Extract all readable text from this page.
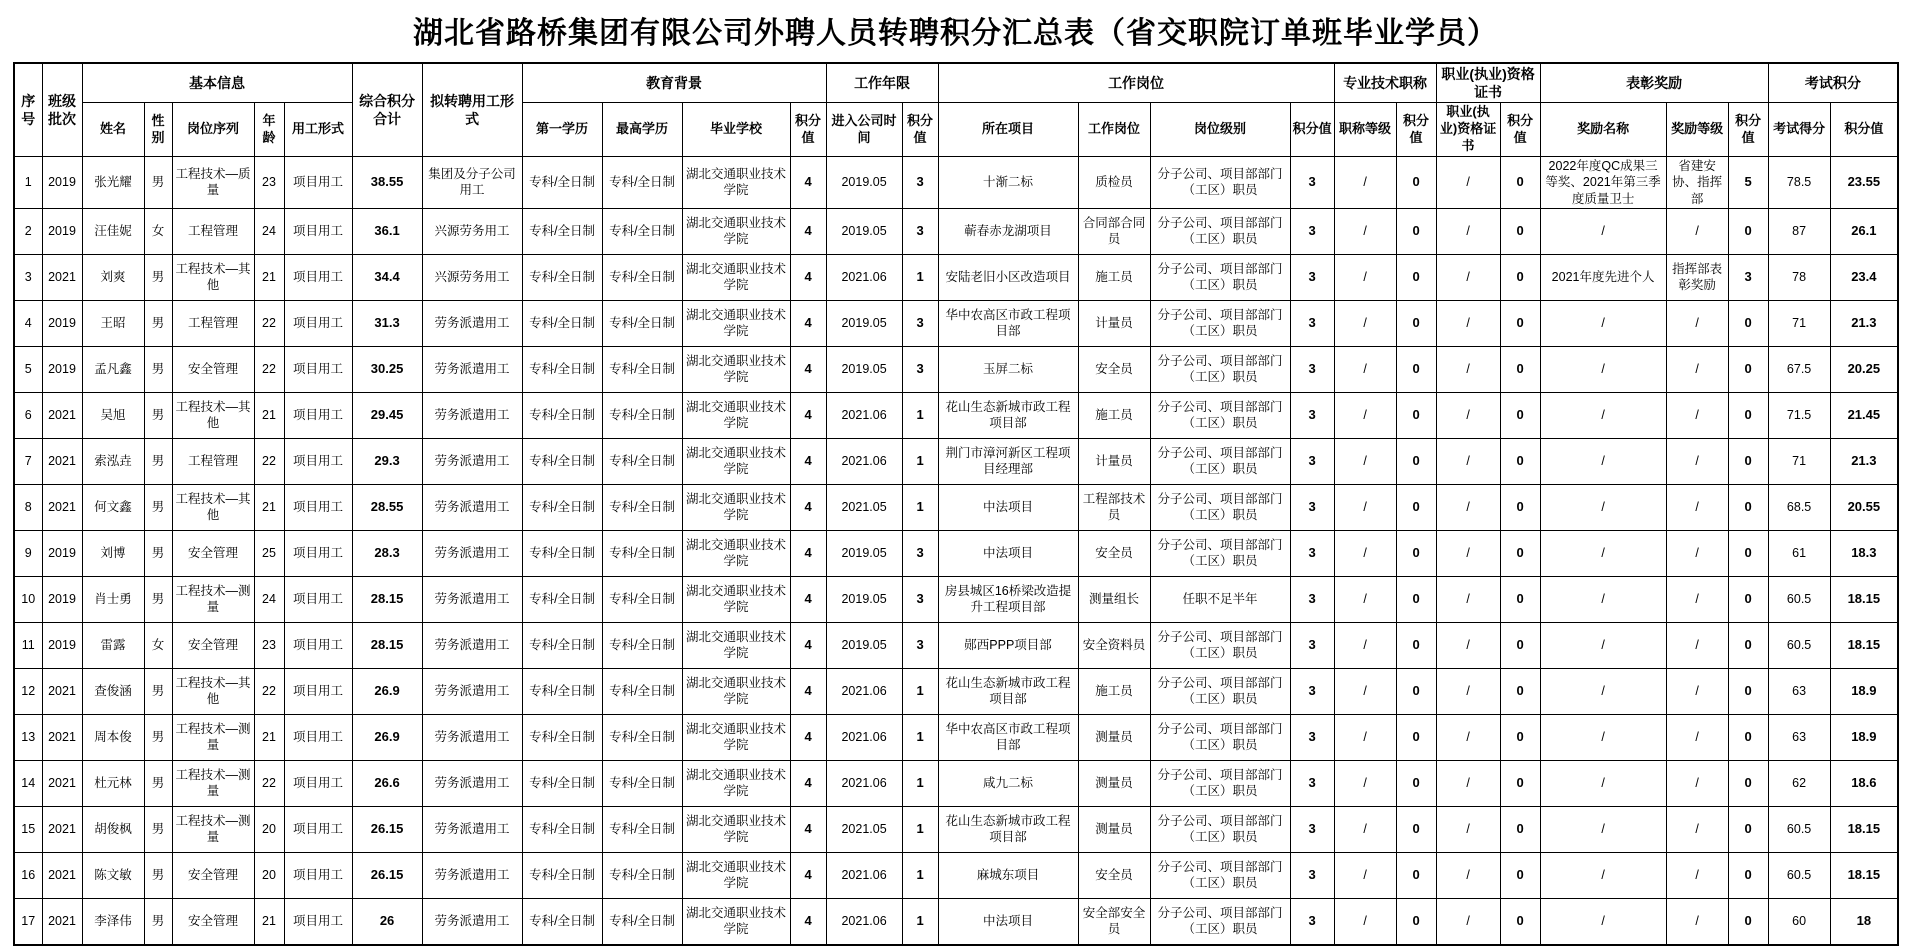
湖北省路桥集团有限公司外聘人员转聘积分汇总表（省交职院订单班毕业学员）
序号	班级批次	基本信息					综合积分合计	拟转聘用工形式	教育背景				工作年限		工作岗位				专业技术职称		职业(执业)资格证书		表彰奖励			考试积分	
		姓名	性别	岗位序列	年龄	用工形式			第一学历	最高学历	毕业学校	积分值	进入公司时间	积分值	所在项目	工作岗位	岗位级别	积分值	职称等级	积分值	职业(执业)资格证书	积分值	奖励名称	奖励等级	积分值	考试得分	积分值
1	2019	张光耀	男	工程技术—质量	23	项目用工	38.55	集团及分子公司用工	专科/全日制	专科/全日制	湖北交通职业技术学院	4	2019.05	3	十渐二标	质检员	分子公司、项目部部门（工区）职员	3	/	0	/	0	2022年度QC成果三等奖、2021年第三季度质量卫士	省建安协、指挥部	5	78.5	23.55
2	2019	汪佳妮	女	工程管理	24	项目用工	36.1	兴源劳务用工	专科/全日制	专科/全日制	湖北交通职业技术学院	4	2019.05	3	蕲春赤龙湖项目	合同部合同员	分子公司、项目部部门（工区）职员	3	/	0	/	0	/	/	0	87	26.1
3	2021	刘爽	男	工程技术—其他	21	项目用工	34.4	兴源劳务用工	专科/全日制	专科/全日制	湖北交通职业技术学院	4	2021.06	1	安陆老旧小区改造项目	施工员	分子公司、项目部部门（工区）职员	3	/	0	/	0	2021年度先进个人	指挥部表彰奖励	3	78	23.4
4	2019	王昭	男	工程管理	22	项目用工	31.3	劳务派遣用工	专科/全日制	专科/全日制	湖北交通职业技术学院	4	2019.05	3	华中农高区市政工程项目部	计量员	分子公司、项目部部门（工区）职员	3	/	0	/	0	/	/	0	71	21.3
5	2019	孟凡鑫	男	安全管理	22	项目用工	30.25	劳务派遣用工	专科/全日制	专科/全日制	湖北交通职业技术学院	4	2019.05	3	玉屏二标	安全员	分子公司、项目部部门（工区）职员	3	/	0	/	0	/	/	0	67.5	20.25
6	2021	吴旭	男	工程技术—其他	21	项目用工	29.45	劳务派遣用工	专科/全日制	专科/全日制	湖北交通职业技术学院	4	2021.06	1	花山生态新城市政工程项目部	施工员	分子公司、项目部部门（工区）职员	3	/	0	/	0	/	/	0	71.5	21.45
7	2021	索泓垚	男	工程管理	22	项目用工	29.3	劳务派遣用工	专科/全日制	专科/全日制	湖北交通职业技术学院	4	2021.06	1	荆门市漳河新区工程项目经理部	计量员	分子公司、项目部部门（工区）职员	3	/	0	/	0	/	/	0	71	21.3
8	2021	何文鑫	男	工程技术—其他	21	项目用工	28.55	劳务派遣用工	专科/全日制	专科/全日制	湖北交通职业技术学院	4	2021.05	1	中法项目	工程部技术员	分子公司、项目部部门（工区）职员	3	/	0	/	0	/	/	0	68.5	20.55
9	2019	刘博	男	安全管理	25	项目用工	28.3	劳务派遣用工	专科/全日制	专科/全日制	湖北交通职业技术学院	4	2019.05	3	中法项目	安全员	分子公司、项目部部门（工区）职员	3	/	0	/	0	/	/	0	61	18.3
10	2019	肖士勇	男	工程技术—测量	24	项目用工	28.15	劳务派遣用工	专科/全日制	专科/全日制	湖北交通职业技术学院	4	2019.05	3	房县城区16桥梁改造提升工程项目部	测量组长	任职不足半年	3	/	0	/	0	/	/	0	60.5	18.15
11	2019	雷露	女	安全管理	23	项目用工	28.15	劳务派遣用工	专科/全日制	专科/全日制	湖北交通职业技术学院	4	2019.05	3	郧西PPP项目部	安全资料员	分子公司、项目部部门（工区）职员	3	/	0	/	0	/	/	0	60.5	18.15
12	2021	查俊涵	男	工程技术—其他	22	项目用工	26.9	劳务派遣用工	专科/全日制	专科/全日制	湖北交通职业技术学院	4	2021.06	1	花山生态新城市政工程项目部	施工员	分子公司、项目部部门（工区）职员	3	/	0	/	0	/	/	0	63	18.9
13	2021	周本俊	男	工程技术—测量	21	项目用工	26.9	劳务派遣用工	专科/全日制	专科/全日制	湖北交通职业技术学院	4	2021.06	1	华中农高区市政工程项目部	测量员	分子公司、项目部部门（工区）职员	3	/	0	/	0	/	/	0	63	18.9
14	2021	杜元林	男	工程技术—测量	22	项目用工	26.6	劳务派遣用工	专科/全日制	专科/全日制	湖北交通职业技术学院	4	2021.06	1	咸九二标	测量员	分子公司、项目部部门（工区）职员	3	/	0	/	0	/	/	0	62	18.6
15	2021	胡俊枫	男	工程技术—测量	20	项目用工	26.15	劳务派遣用工	专科/全日制	专科/全日制	湖北交通职业技术学院	4	2021.05	1	花山生态新城市政工程项目部	测量员	分子公司、项目部部门（工区）职员	3	/	0	/	0	/	/	0	60.5	18.15
16	2021	陈文敏	男	安全管理	20	项目用工	26.15	劳务派遣用工	专科/全日制	专科/全日制	湖北交通职业技术学院	4	2021.06	1	麻城东项目	安全员	分子公司、项目部部门（工区）职员	3	/	0	/	0	/	/	0	60.5	18.15
17	2021	李泽伟	男	安全管理	21	项目用工	26	劳务派遣用工	专科/全日制	专科/全日制	湖北交通职业技术学院	4	2021.06	1	中法项目	安全部安全员	分子公司、项目部部门（工区）职员	3	/	0	/	0	/	/	0	60	18
